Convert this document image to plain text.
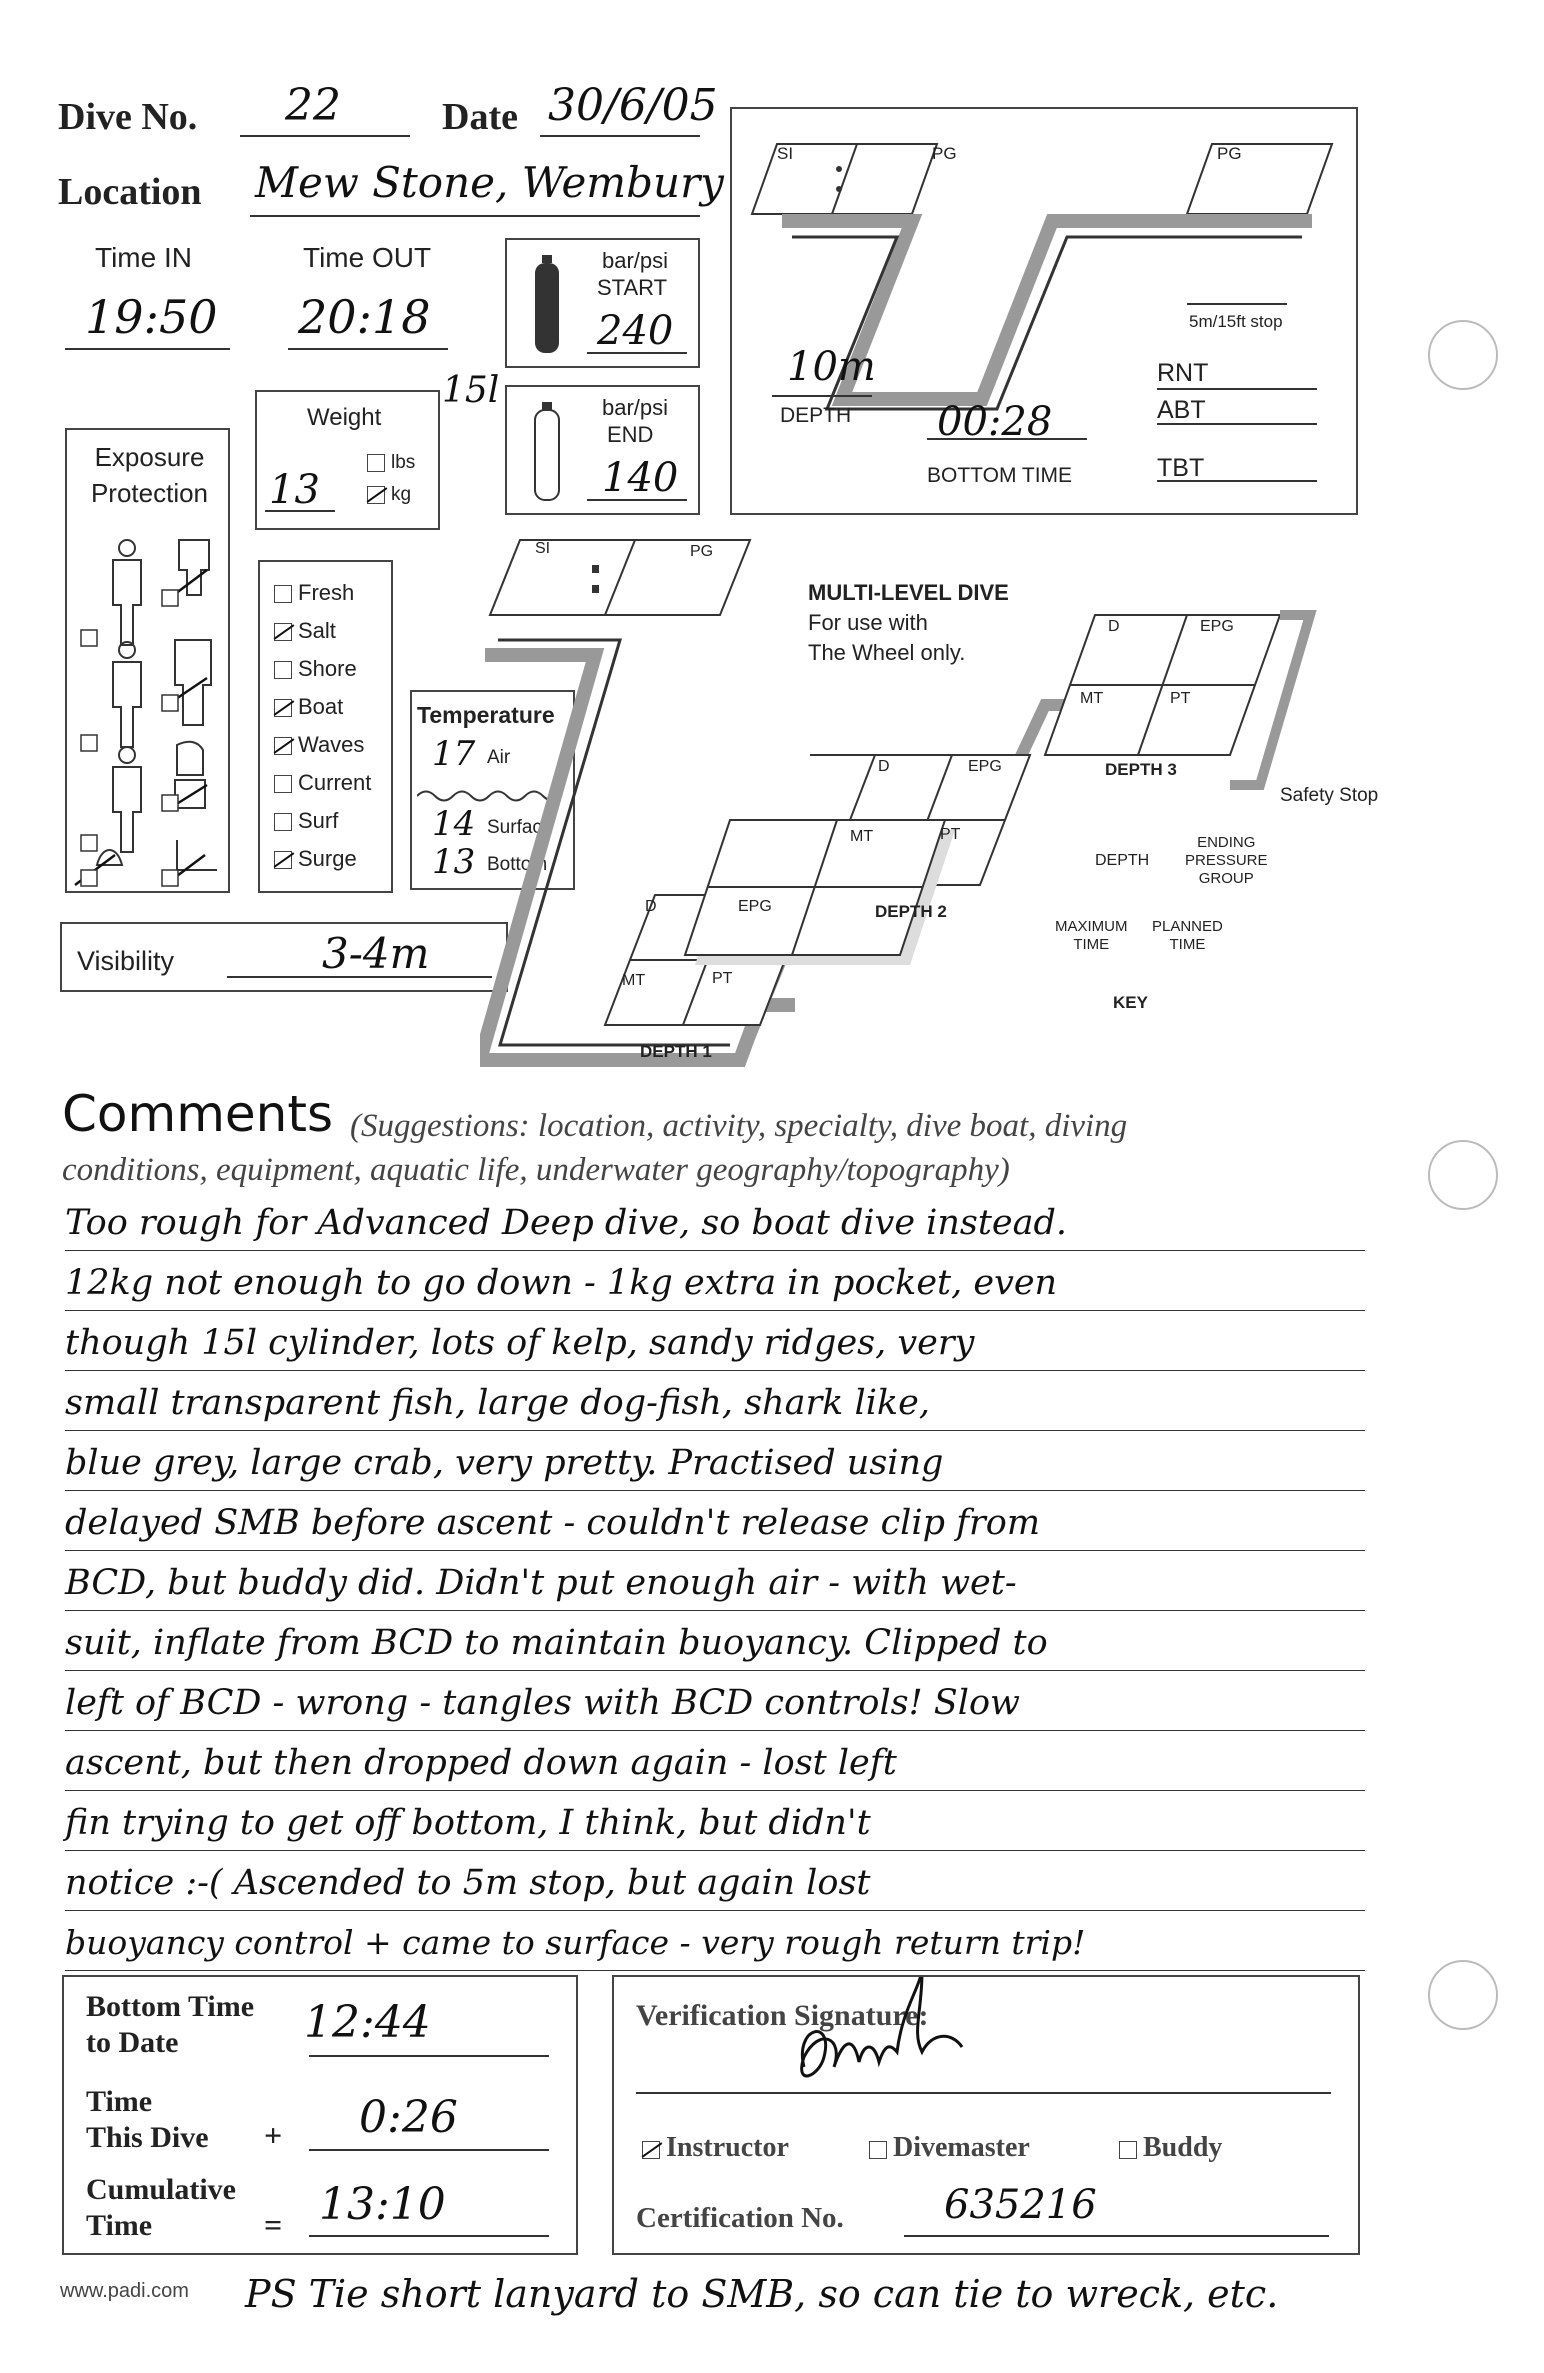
Dive No. 22	Date 30/6/05
Location Mew Stone, Wembury
Time IN
19:50
Time OUT
20:18
bar/psi
START
240
15l	bar/psi
END
140
Weight
13
lbs
kg
Exposure
Protection
Fresh
Salt
Shore
Boat
Waves
Current
Surf
Surge
Temperature
17 Air
14 Surface
13 Bottom
Visibility	3-4m
SI	PG	PG
10m
DEPTH 00:28
BOTTOM TIME
5m/15ft stop
RNT
ABT
TBT
SI	PG
MULTI-LEVEL DIVE
For use with
The Wheel only.
D	EPG
MT	PT
DEPTH 1
D	EPG
MT	PT
DEPTH 2
D	EPG
MT	PT
DEPTH 3
Safety Stop
DEPTH
ENDING
PRESSURE
GROUP
MAXIMUM
TIME
PLANNED
TIME
KEY
Comments (Suggestions: location, activity, specialty, dive boat, diving
conditions, equipment, aquatic life, underwater geography/topography)
Too rough for Advanced Deep dive, so boat dive instead.
12kg not enough to go down - 1kg extra in pocket, even
though 15l cylinder, lots of kelp, sandy ridges, very
small transparent fish, large dog-fish, shark like,
blue grey, large crab, very pretty. Practised using
delayed SMB before ascent - couldn't release clip from
BCD, but buddy did. Didn't put enough air - with wet-
suit, inflate from BCD to maintain buoyancy. Clipped to
left of BCD - wrong - tangles with BCD controls! Slow
ascent, but then dropped down again - lost left
fin trying to get off bottom, I think, but didn't
notice :-( Ascended to 5m stop, but again lost
buoyancy control + came to surface - very rough return trip!
Bottom Time
to Date	12:44
Time
This Dive + 0:26
Cumulative
Time	= 13:10
Verification Signature:
Instructor	Divemaster	Buddy
Certification No.	635216
www.padi.com PS Tie short lanyard to SMB, so can tie to wreck, etc.
